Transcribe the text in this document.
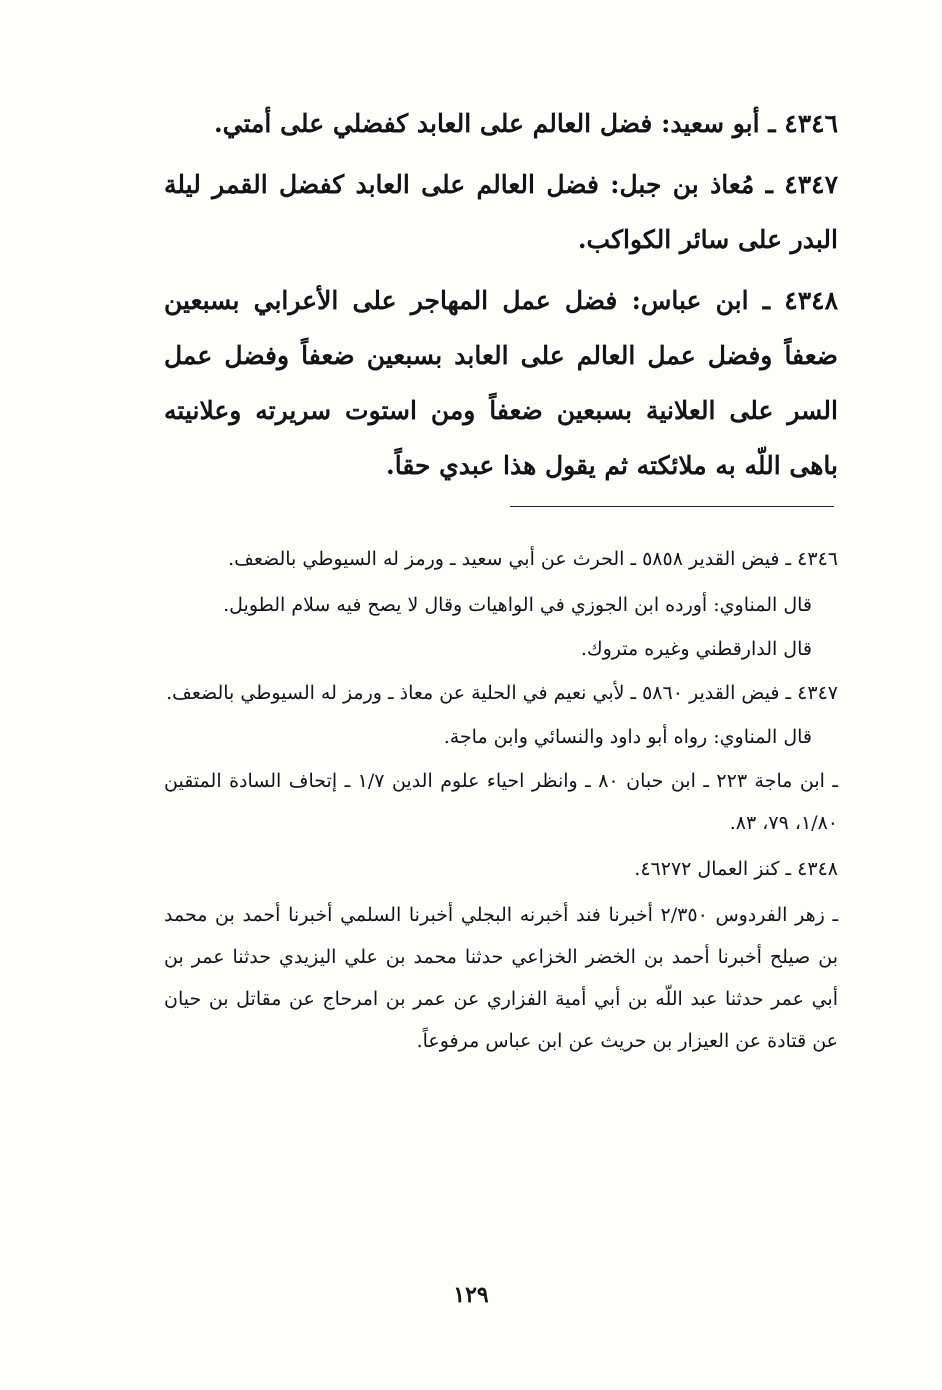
٤٣٤٦ ـ أبو سعيد: فضل العالم على العابد كفضلي على أمتي.

٤٣٤٧ ـ مُعاذ بن جبل: فضل العالم على العابد كفضل القمر ليلة البدر على سائر الكواكب.

٤٣٤٨ ـ ابن عباس: فضل عمل المهاجر على الأعرابي بسبعين ضعفاً وفضل عمل العالم على العابد بسبعين ضعفاً وفضل عمل السر على العلانية بسبعين ضعفاً ومن استوت سريرته وعلانيته باهى اللّه به ملائكته ثم يقول هذا عبدي حقاً.

٤٣٤٦ ـ فيض القدير ٥٨٥٨ ـ الحرث عن أبي سعيد ـ ورمز له السيوطي بالضعف.

قال المناوي: أورده ابن الجوزي في الواهيات وقال لا يصح فيه سلام الطويل.

قال الدارقطني وغيره متروك.

٤٣٤٧ ـ فيض القدير ٥٨٦٠ ـ لأبي نعيم في الحلية عن معاذ ـ ورمز له السيوطي بالضعف.

قال المناوي: رواه أبو داود والنسائي وابن ماجة.

ـ ابن ماجة ٢٢٣ ـ ابن حبان ٨٠ ـ وانظر احياء علوم الدين ١/٧ ـ إتحاف السادة المتقين ١/٨٠، ٧٩، ٨٣.

٤٣٤٨ ـ كنز العمال ٤٦٢٧٢.

ـ زهر الفردوس ٢/٣٥٠ أخبرنا فند أخبرنه البجلي أخبرنا السلمي أخبرنا أحمد بن محمد بن صيلح أخبرنا أحمد بن الخضر الخزاعي حدثنا محمد بن علي اليزيدي حدثنا عمر بن أبي عمر حدثنا عبد اللّه بن أبي أمية الفزاري عن عمر بن امرحاج عن مقاتل بن حيان عن قتادة عن العيزار بن حريث عن ابن عباس مرفوعاً.

١٢٩
